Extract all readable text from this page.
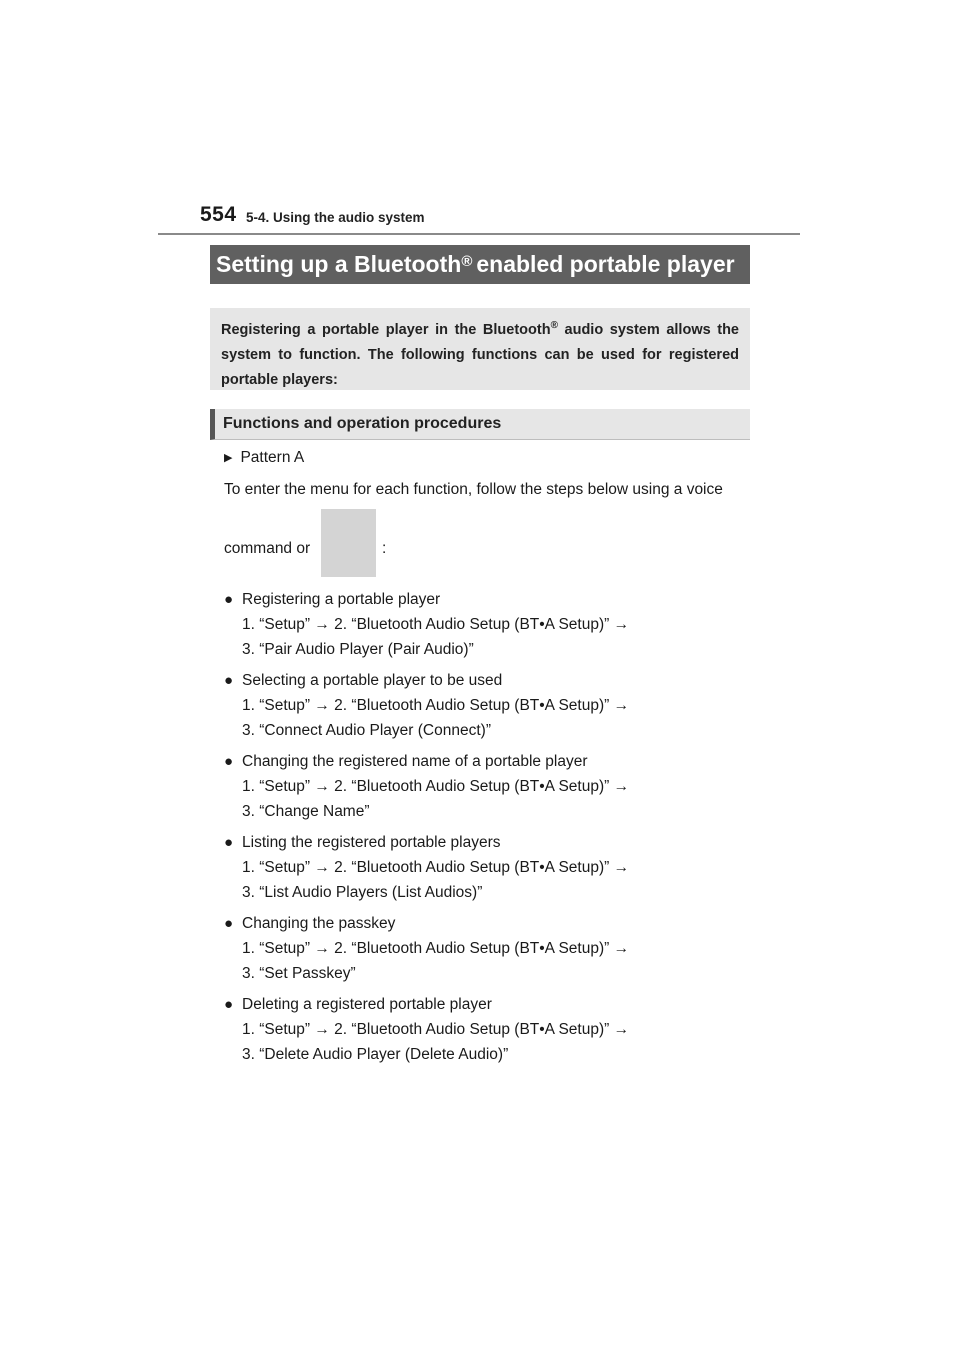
554 5-4. Using the audio system
Setting up a Bluetooth® enabled portable player
Registering a portable player in the Bluetooth® audio system allows the system to function. The following functions can be used for registered portable players:
Functions and operation procedures
▶ Pattern A
To enter the menu for each function, follow the steps below using a voice
command or	:
● Registering a portable player
1. “Setup” → 2. “Bluetooth Audio Setup (BT•A Setup)” →
3. “Pair Audio Player (Pair Audio)”
● Selecting a portable player to be used
1. “Setup” → 2. “Bluetooth Audio Setup (BT•A Setup)” →
3. “Connect Audio Player (Connect)”
● Changing the registered name of a portable player
1. “Setup” → 2. “Bluetooth Audio Setup (BT•A Setup)” →
3. “Change Name”
● Listing the registered portable players
1. “Setup” → 2. “Bluetooth Audio Setup (BT•A Setup)” →
3. “List Audio Players (List Audios)”
● Changing the passkey
1. “Setup” → 2. “Bluetooth Audio Setup (BT•A Setup)” →
3. “Set Passkey”
● Deleting a registered portable player
1. “Setup” → 2. “Bluetooth Audio Setup (BT•A Setup)” →
3. “Delete Audio Player (Delete Audio)”
